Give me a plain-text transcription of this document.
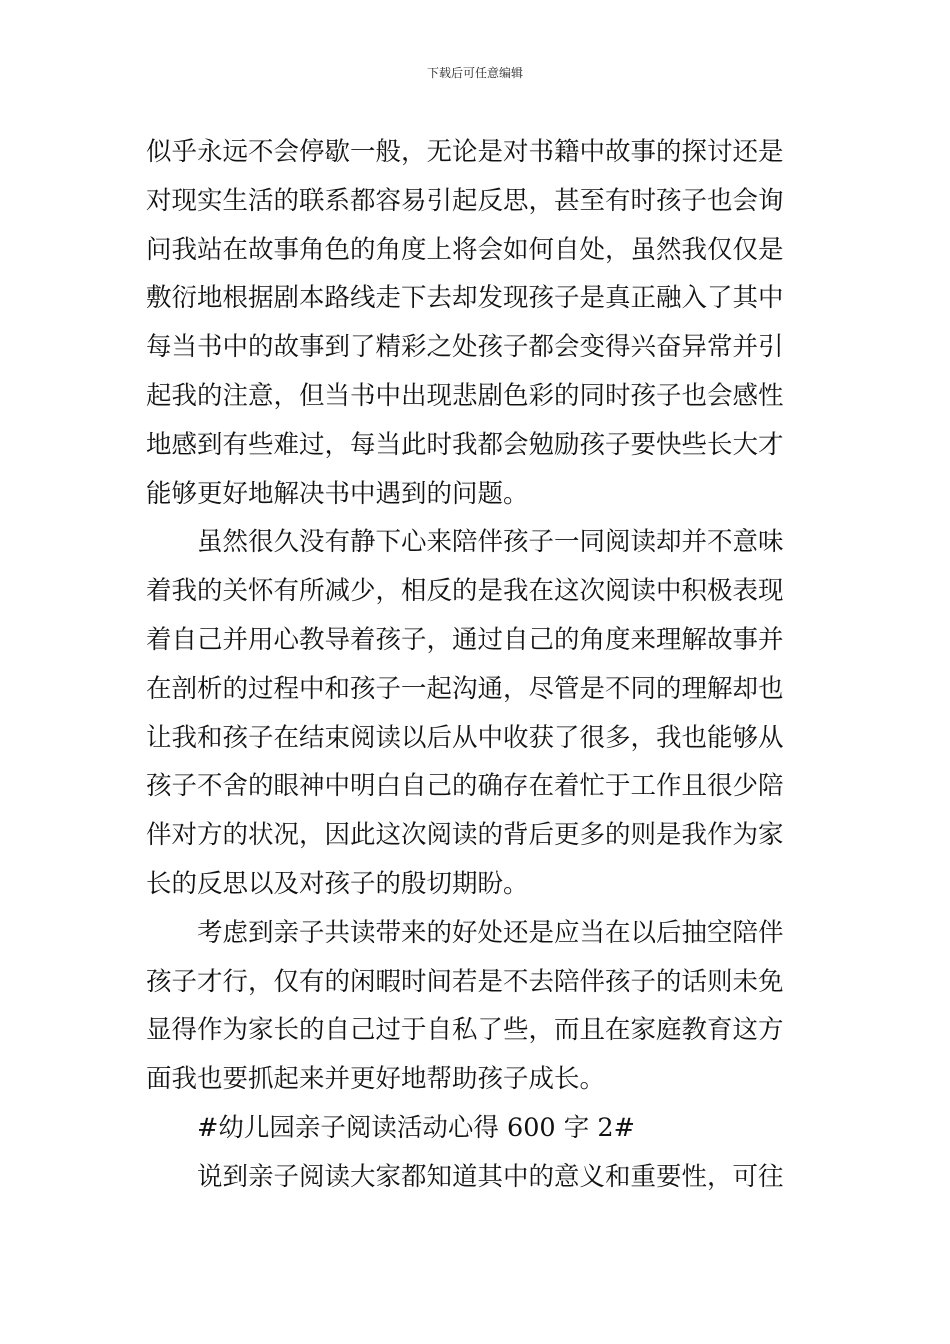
下载后可任意编辑
似乎永远不会停歇一般，无论是对书籍中故事的探讨还是
对现实生活的联系都容易引起反思，甚至有时孩子也会询
问我站在故事角色的角度上将会如何自处，虽然我仅仅是
敷衍地根据剧本路线走下去却发现孩子是真正融入了其中
每当书中的故事到了精彩之处孩子都会变得兴奋异常并引
起我的注意，但当书中出现悲剧色彩的同时孩子也会感性
地感到有些难过，每当此时我都会勉励孩子要快些长大才
能够更好地解决书中遇到的问题。
虽然很久没有静下心来陪伴孩子一同阅读却并不意味
着我的关怀有所减少，相反的是我在这次阅读中积极表现
着自己并用心教导着孩子，通过自己的角度来理解故事并
在剖析的过程中和孩子一起沟通，尽管是不同的理解却也
让我和孩子在结束阅读以后从中收获了很多，我也能够从
孩子不舍的眼神中明白自己的确存在着忙于工作且很少陪
伴对方的状况，因此这次阅读的背后更多的则是我作为家
长的反思以及对孩子的殷切期盼。
考虑到亲子共读带来的好处还是应当在以后抽空陪伴
孩子才行，仅有的闲暇时间若是不去陪伴孩子的话则未免
显得作为家长的自己过于自私了些，而且在家庭教育这方
面我也要抓起来并更好地帮助孩子成长。
#幼儿园亲子阅读活动心得 600 字 2#
说到亲子阅读大家都知道其中的意义和重要性，可往
